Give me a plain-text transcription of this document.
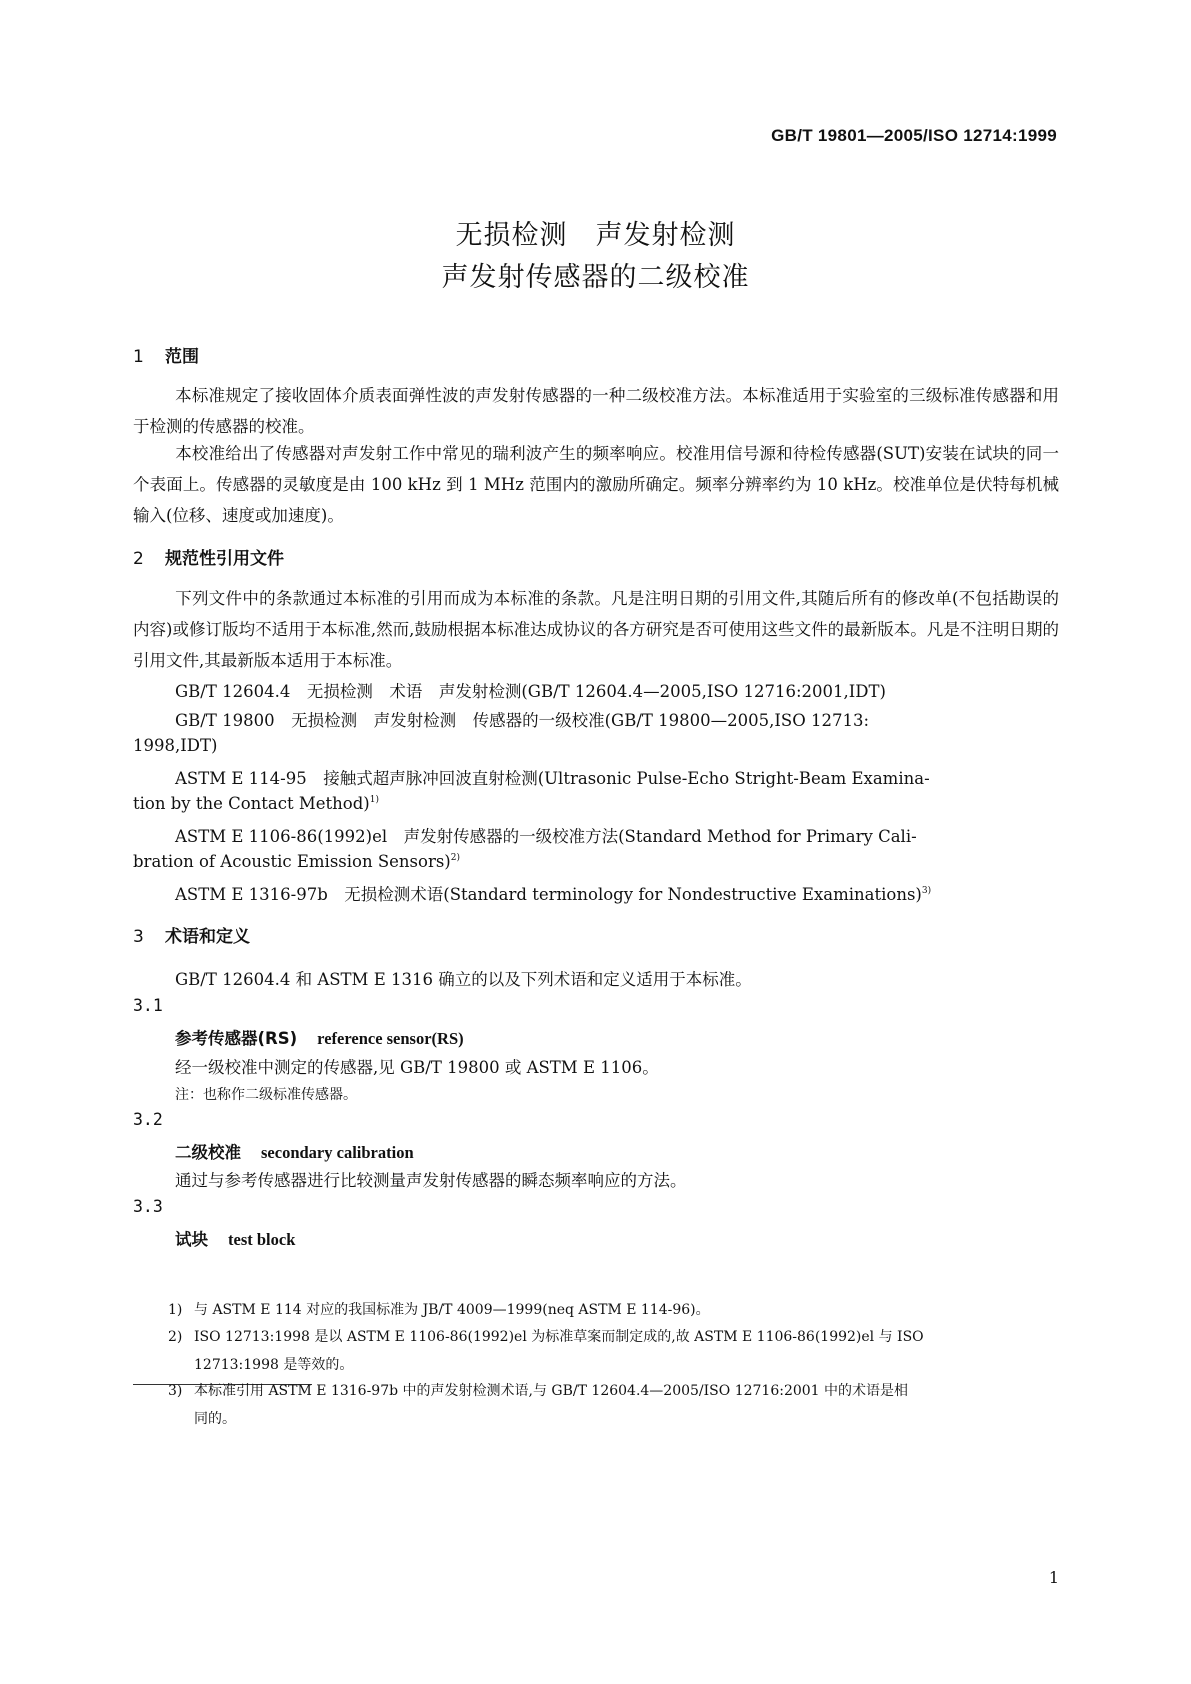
GB/T 19801—2005/ISO 12714:1999
无损检测　声发射检测
声发射传感器的二级校准
1 范围
本标准规定了接收固体介质表面弹性波的声发射传感器的一种二级校准方法。本标准适用于实验室的三级标准传感器和用于检测的传感器的校准。
本校准给出了传感器对声发射工作中常见的瑞利波产生的频率响应。校准用信号源和待检传感器(SUT)安装在试块的同一个表面上。传感器的灵敏度是由 100 kHz 到 1 MHz 范围内的激励所确定。频率分辨率约为 10 kHz。校准单位是伏特每机械输入(位移、速度或加速度)。
2 规范性引用文件
下列文件中的条款通过本标准的引用而成为本标准的条款。凡是注明日期的引用文件,其随后所有的修改单(不包括勘误的内容)或修订版均不适用于本标准,然而,鼓励根据本标准达成协议的各方研究是否可使用这些文件的最新版本。凡是不注明日期的引用文件,其最新版本适用于本标准。
GB/T 12604.4　无损检测　术语　声发射检测(GB/T 12604.4—2005,ISO 12716:2001,IDT)
GB/T 19800　无损检测　声发射检测　传感器的一级校准(GB/T 19800—2005,ISO 12713:
1998,IDT)
ASTM E 114-95　接触式超声脉冲回波直射检测(Ultrasonic Pulse-Echo Stright-Beam Examina-
tion by the Contact Method)$^{1)}$
ASTM E 1106-86(1992)el　声发射传感器的一级校准方法(Standard Method for Primary Cali-
bration of Acoustic Emission Sensors)$^{2)}$
ASTM E 1316-97b　无损检测术语(Standard terminology for Nondestructive Examinations)$^{3)}$
3 术语和定义
GB/T 12604.4 和 ASTM E 1316 确立的以及下列术语和定义适用于本标准。
3.1
参考传感器(RS) reference sensor(RS)
经一级校准中测定的传感器,见 GB/T 19800 或 ASTM E 1106。
注：也称作二级标准传感器。
3.2
二级校准 secondary calibration
通过与参考传感器进行比较测量声发射传感器的瞬态频率响应的方法。
3.3
试块 test block
1) 与 ASTM E 114 对应的我国标准为 JB/T 4009—1999(neq ASTM E 114-96)。
2) ISO 12713:1998 是以 ASTM E 1106-86(1992)el 为标准草案而制定成的,故 ASTM E 1106-86(1992)el 与 ISO
12713:1998 是等效的。
3) 本标准引用 ASTM E 1316-97b 中的声发射检测术语,与 GB/T 12604.4—2005/ISO 12716:2001 中的术语是相
同的。
1
